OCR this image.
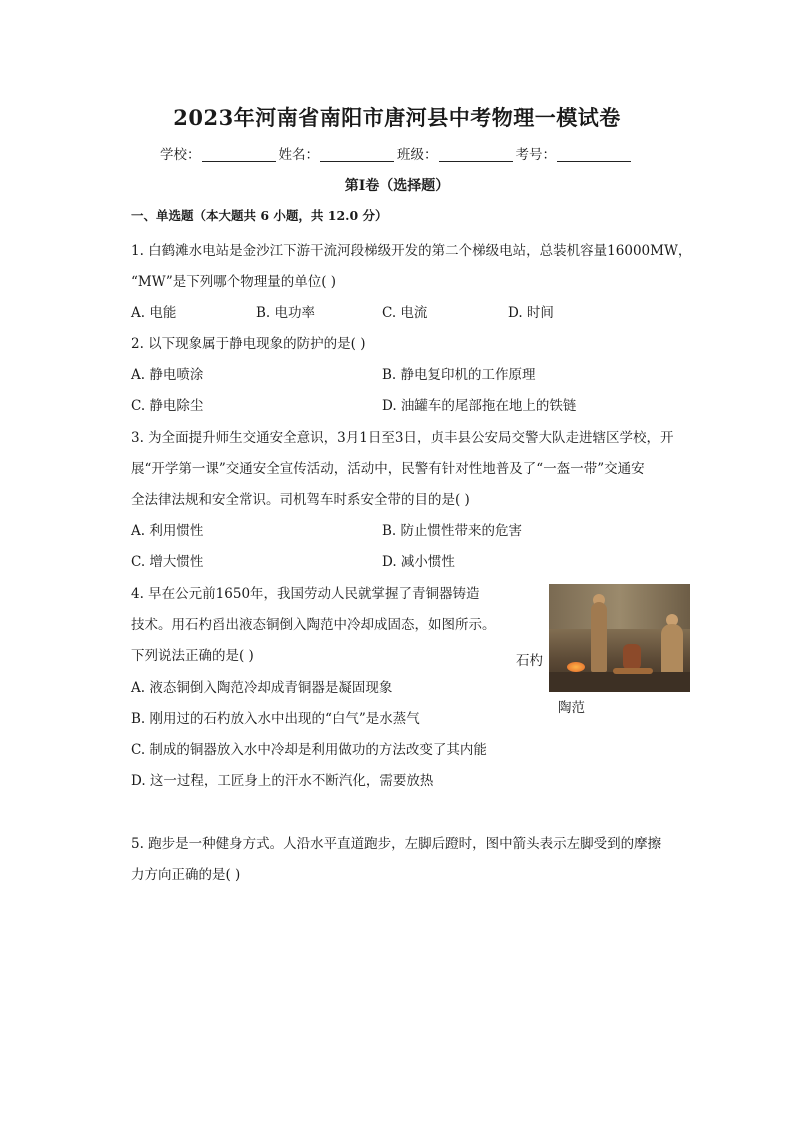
2023年河南省南阳市唐河县中考物理一模试卷
学校：	姓名：	班级：	考号：
第I卷（选择题）
一、单选题（本大题共 6 小题，共 12.0 分）
1. 白鹤滩水电站是金沙江下游干流河段梯级开发的第二个梯级电站，总装机容量16000MW，
“MW”是下列哪个物理量的单位( )
A. 电能	B. 电功率	C. 电流	D. 时间
2. 以下现象属于静电现象的防护的是( )
A. 静电喷涂	B. 静电复印机的工作原理
C. 静电除尘	D. 油罐车的尾部拖在地上的铁链
3. 为全面提升师生交通安全意识，3月1日至3日，贞丰县公安局交警大队走进辖区学校，开
展“开学第一课”交通安全宣传活动，活动中，民警有针对性地普及了“一盔一带”交通安
全法律法规和安全常识。司机驾车时系安全带的目的是( )
A. 利用惯性	B. 防止惯性带来的危害
C. 增大惯性	D. 减小惯性
4. 早在公元前1650年，我国劳动人民就掌握了青铜器铸造
技术。用石杓舀出液态铜倒入陶范中冷却成固态，如图所示。
下列说法正确的是( )
A. 液态铜倒入陶范冷却成青铜器是凝固现象
B. 刚用过的石杓放入水中出现的“白气”是水蒸气
C. 制成的铜器放入水中冷却是利用做功的方法改变了其内能
D. 这一过程，工匠身上的汗水不断汽化，需要放热
石杓
陶范
5. 跑步是一种健身方式。人沿水平直道跑步，左脚后蹬时，图中箭头表示左脚受到的摩擦
力方向正确的是( )
